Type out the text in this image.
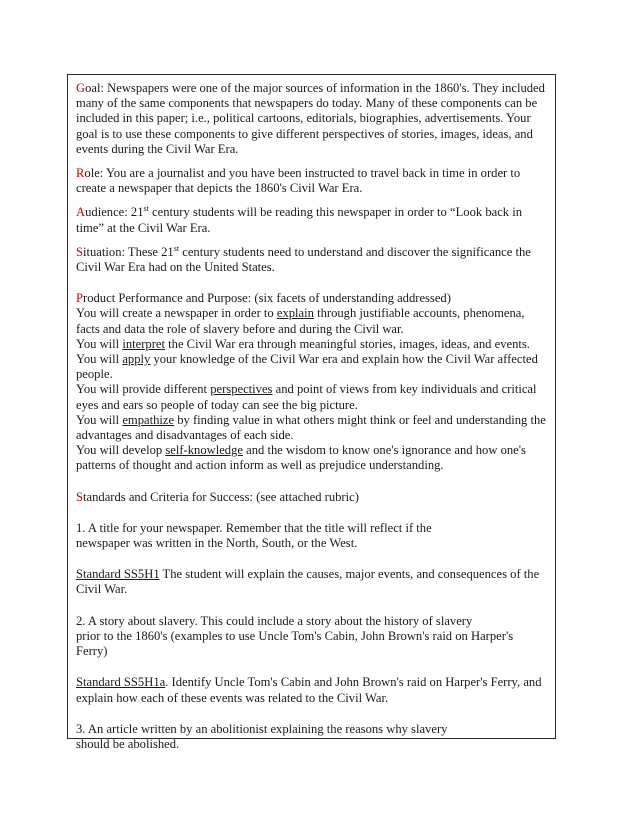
Goal: Newspapers were one of the major sources of information in the 1860's. They included many of the same components that newspapers do today. Many of these components can be included in this paper; i.e., political cartoons, editorials, biographies, advertisements. Your goal is to use these components to give different perspectives of stories, images, ideas, and events during the Civil War Era.

Role: You are a journalist and you have been instructed to travel back in time in order to create a newspaper that depicts the 1860's Civil War Era.

Audience: 21st century students will be reading this newspaper in order to “Look back in time” at the Civil War Era.

Situation: These 21st century students need to understand and discover the significance the Civil War Era had on the United States.

Product Performance and Purpose: (six facets of understanding addressed)
You will create a newspaper in order to explain through justifiable accounts, phenomena, facts and data the role of slavery before and during the Civil war.
You will interpret the Civil War era through meaningful stories, images, ideas, and events.
You will apply your knowledge of the Civil War era and explain how the Civil War affected people.
You will provide different perspectives and point of views from key individuals and critical eyes and ears so people of today can see the big picture.
You will empathize by finding value in what others might think or feel and understanding the advantages and disadvantages of each side.
You will develop self-knowledge and the wisdom to know one's ignorance and how one's patterns of thought and action inform as well as prejudice understanding.

Standards and Criteria for Success: (see attached rubric)

1. A title for your newspaper. Remember that the title will reflect if the
newspaper was written in the North, South, or the West.

Standard SS5H1 The student will explain the causes, major events, and consequences of the Civil War.

2. A story about slavery. This could include a story about the history of slavery
prior to the 1860's (examples to use Uncle Tom's Cabin, John Brown's raid on Harper's Ferry)

Standard SS5H1a. Identify Uncle Tom's Cabin and John Brown's raid on Harper's Ferry, and explain how each of these events was related to the Civil War.

3. An article written by an abolitionist explaining the reasons why slavery
should be abolished.
